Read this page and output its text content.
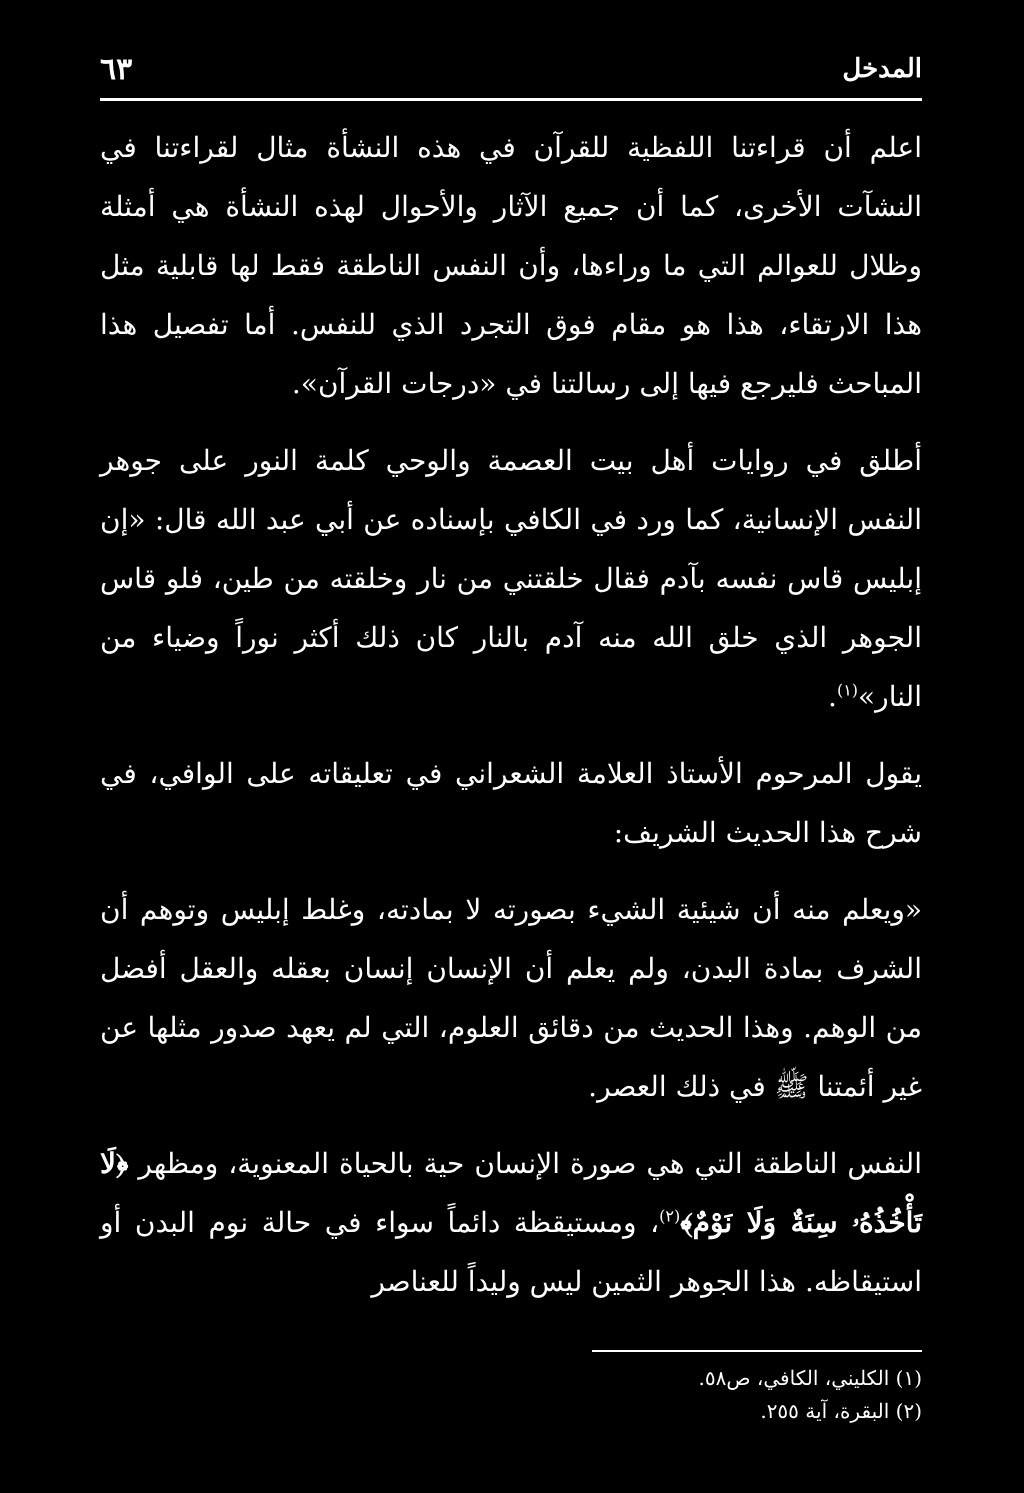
المدخل
٦٣

اعلم أن قراءتنا اللفظية للقرآن في هذه النشأة مثال لقراءتنا في النشآت الأخرى، كما أن جميع الآثار والأحوال لهذه النشأة هي أمثلة وظلال للعوالم التي ما وراءها، وأن النفس الناطقة فقط لها قابلية مثل هذا الارتقاء، هذا هو مقام فوق التجرد الذي للنفس. أما تفصيل هذا المباحث فليرجع فيها إلى رسالتنا في «درجات القرآن».

أطلق في روايات أهل بيت العصمة والوحي كلمة النور على جوهر النفس الإنسانية، كما ورد في الكافي بإسناده عن أبي عبد الله قال: «إن إبليس قاس نفسه بآدم فقال خلقتني من نار وخلقته من طين، فلو قاس الجوهر الذي خلق الله منه آدم بالنار كان ذلك أكثر نوراً وضياء من النار»$^{(١)}$.

يقول المرحوم الأستاذ العلامة الشعراني في تعليقاته على الوافي، في شرح هذا الحديث الشريف:

«ويعلم منه أن شيئية الشيء بصورته لا بمادته، وغلط إبليس وتوهم أن الشرف بمادة البدن، ولم يعلم أن الإنسان إنسان بعقله والعقل أفضل من الوهم. وهذا الحديث من دقائق العلوم، التي لم يعهد صدور مثلها عن غير أئمتنا ﷺ في ذلك العصر.

النفس الناطقة التي هي صورة الإنسان حية بالحياة المعنوية، ومظهر ﴿لَا تَأْخُذُهُۥ سِنَةٌ وَلَا نَوْمٌ﴾$^{(٢)}$، ومستيقظة دائماً سواء في حالة نوم البدن أو استيقاظه. هذا الجوهر الثمين ليس وليداً للعناصر

(١) الكليني، الكافي، ص٥٨.
(٢) البقرة، آية ٢٥٥.
